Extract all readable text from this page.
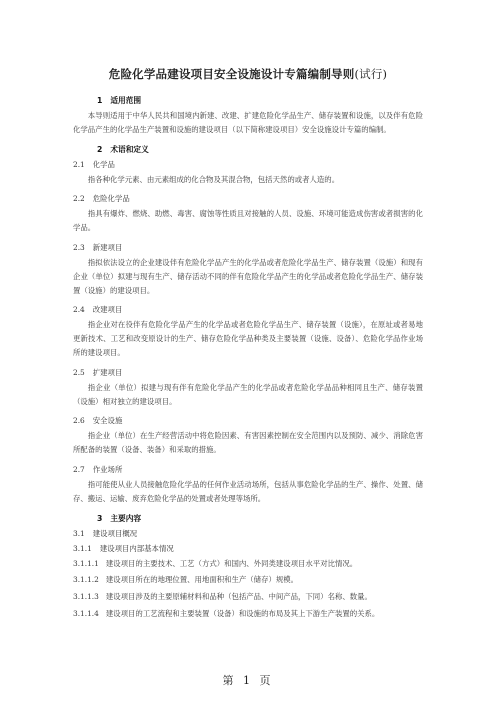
危险化学品建设项目安全设施设计专篇编制导则(试行)
1 适用范围

本导则适用于中华人民共和国境内新建、改建、扩建危险化学品生产、储存装置和设施，以及伴有危险化学品产生的化学品生产装置和设施的建设项目（以下简称建设项目）安全设施设计专篇的编制。

2 术语和定义
2.1 化学品

指各种化学元素、由元素组成的化合物及其混合物，包括天然的或者人造的。

2.2 危险化学品

指具有爆炸、燃烧、助燃、毒害、腐蚀等性质且对接触的人员、设施、环境可能造成伤害或者损害的化学品。

2.3 新建项目

指拟依法设立的企业建设伴有危险化学品产生的化学品或者危险化学品生产、储存装置（设施）和现有企业（单位）拟建与现有生产、储存活动不同的伴有危险化学品产生的化学品或者危险化学品生产、储存装置（设施）的建设项目。

2.4 改建项目

指企业对在役伴有危险化学品产生的化学品或者危险化学品生产、储存装置（设施），在原址或者易地更新技术、工艺和改变原设计的生产、储存危险化学品种类及主要装置（设施、设备）、危险化学品作业场所的建设项目。

2.5 扩建项目

指企业（单位）拟建与现有伴有危险化学品产生的化学品或者危险化学品品种相同且生产、储存装置（设施）相对独立的建设项目。

2.6 安全设施

指企业（单位）在生产经营活动中将危险因素、有害因素控制在安全范围内以及预防、减少、消除危害所配备的装置（设备、装备）和采取的措施。

2.7 作业场所

指可能使从业人员接触危险化学品的任何作业活动场所，包括从事危险化学品的生产、操作、处置、储存、搬运、运输、废弃危险化学品的处置或者处理等场所。

3 主要内容
3.1 建设项目概况
3.1.1 建设项目内部基本情况

3.1.1.1 建设项目的主要技术、工艺（方式）和国内、外同类建设项目水平对比情况。

3.1.1.2 建设项目所在的地理位置、用地面积和生产（储存）规模。

3.1.1.3 建设项目涉及的主要原辅材料和品种（包括产品、中间产品，下同）名称、数量。

3.1.1.4 建设项目的工艺流程和主要装置（设备）和设施的布局及其上下游生产装置的关系。

第 1 页
